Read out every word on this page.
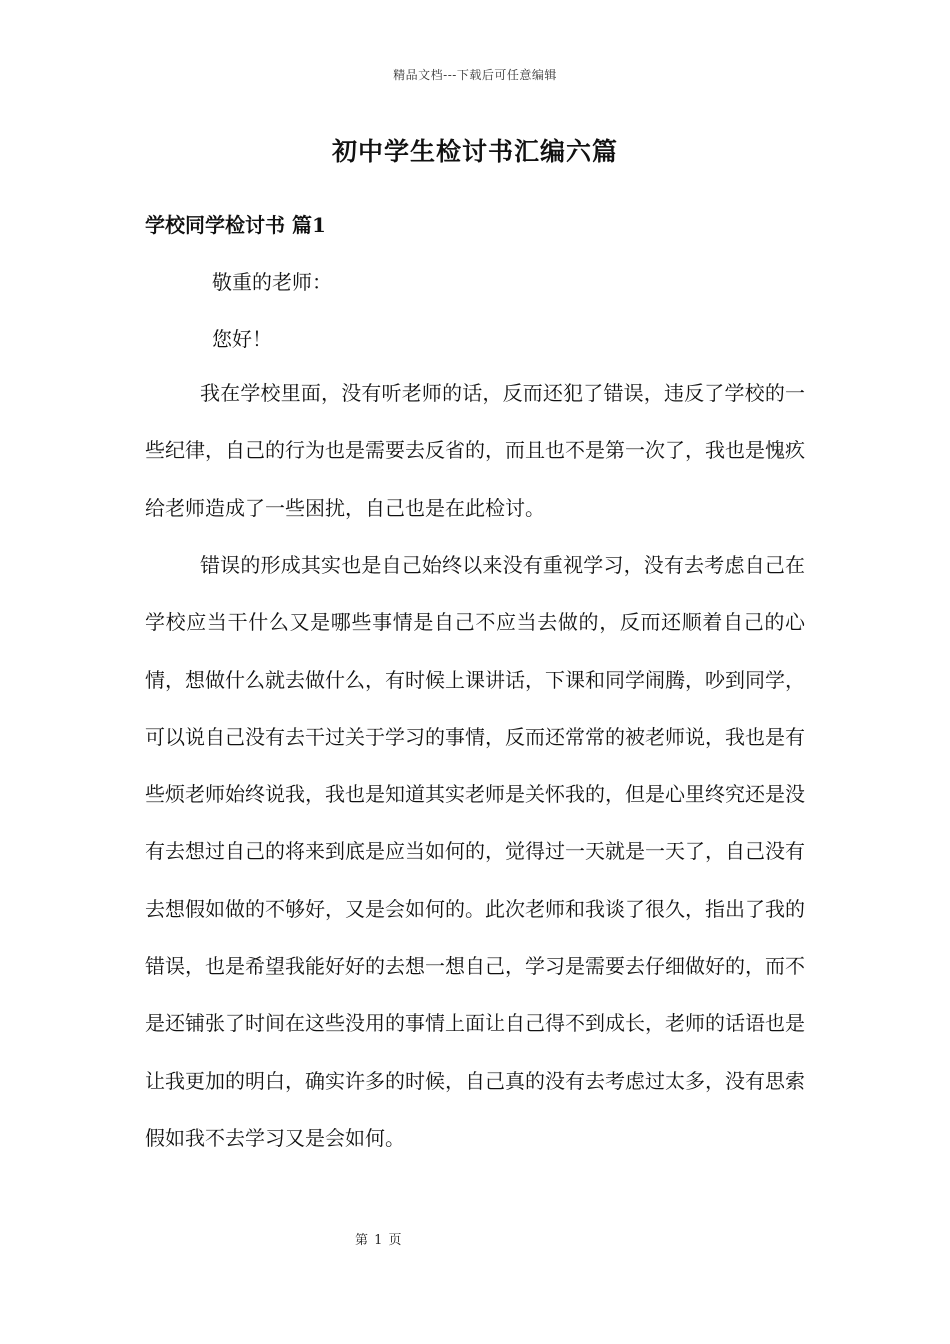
精品文档---下载后可任意编辑
初中学生检讨书汇编六篇
学校同学检讨书 篇1

敬重的老师：

您好！

我在学校里面，没有听老师的话，反而还犯了错误，违反了学校的一些纪律，自己的行为也是需要去反省的，而且也不是第一次了，我也是愧疚给老师造成了一些困扰，自己也是在此检讨。

错误的形成其实也是自己始终以来没有重视学习，没有去考虑自己在学校应当干什么又是哪些事情是自己不应当去做的，反而还顺着自己的心情，想做什么就去做什么，有时候上课讲话，下课和同学闹腾，吵到同学，可以说自己没有去干过关于学习的事情，反而还常常的被老师说，我也是有些烦老师始终说我，我也是知道其实老师是关怀我的，但是心里终究还是没有去想过自己的将来到底是应当如何的，觉得过一天就是一天了，自己没有去想假如做的不够好，又是会如何的。此次老师和我谈了很久，指出了我的错误，也是希望我能好好的去想一想自己，学习是需要去仔细做好的，而不是还铺张了时间在这些没用的事情上面让自己得不到成长，老师的话语也是让我更加的明白，确实许多的时候，自己真的没有去考虑过太多，没有思索假如我不去学习又是会如何。

第 1 页
